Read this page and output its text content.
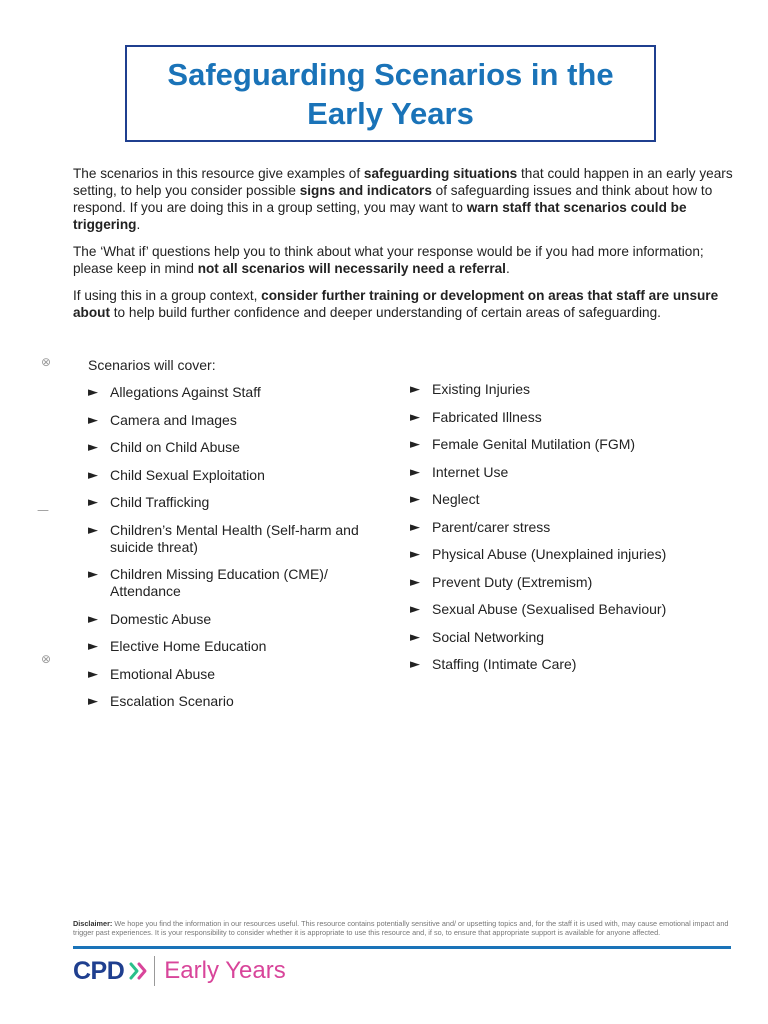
Safeguarding Scenarios in the Early Years

The scenarios in this resource give examples of safeguarding situations that could happen in an early years setting, to help you consider possible signs and indicators of safeguarding issues and think about how to respond. If you are doing this in a group setting, you may want to warn staff that scenarios could be triggering.

The ‘What if’ questions help you to think about what your response would be if you had more information; please keep in mind not all scenarios will necessarily need a referral.

If using this in a group context, consider further training or development on areas that staff are unsure about to help build further confidence and deeper understanding of certain areas of safeguarding.

⊗
—
⊗
Scenarios will cover:
► Allegations Against Staff
► Camera and Images
► Child on Child Abuse
► Child Sexual Exploitation
► Child Trafficking
► Children’s Mental Health (Self-harm and suicide threat)
► Children Missing Education (CME)/ Attendance
► Domestic Abuse
► Elective Home Education
► Emotional Abuse
► Escalation Scenario
► Existing Injuries
► Fabricated Illness
► Female Genital Mutilation (FGM)
► Internet Use
► Neglect
► Parent/carer stress
► Physical Abuse (Unexplained injuries)
► Prevent Duty (Extremism)
► Sexual Abuse (Sexualised Behaviour)
► Social Networking
► Staffing (Intimate Care)
Disclaimer: We hope you find the information in our resources useful. This resource contains potentially sensitive and/ or upsetting topics and, for the staff it is used with, may cause emotional impact and trigger past experiences. It is your responsibility to consider whether it is appropriate to use this resource and, if so, to ensure that appropriate support is available for anyone affected.
CPD Early Years
